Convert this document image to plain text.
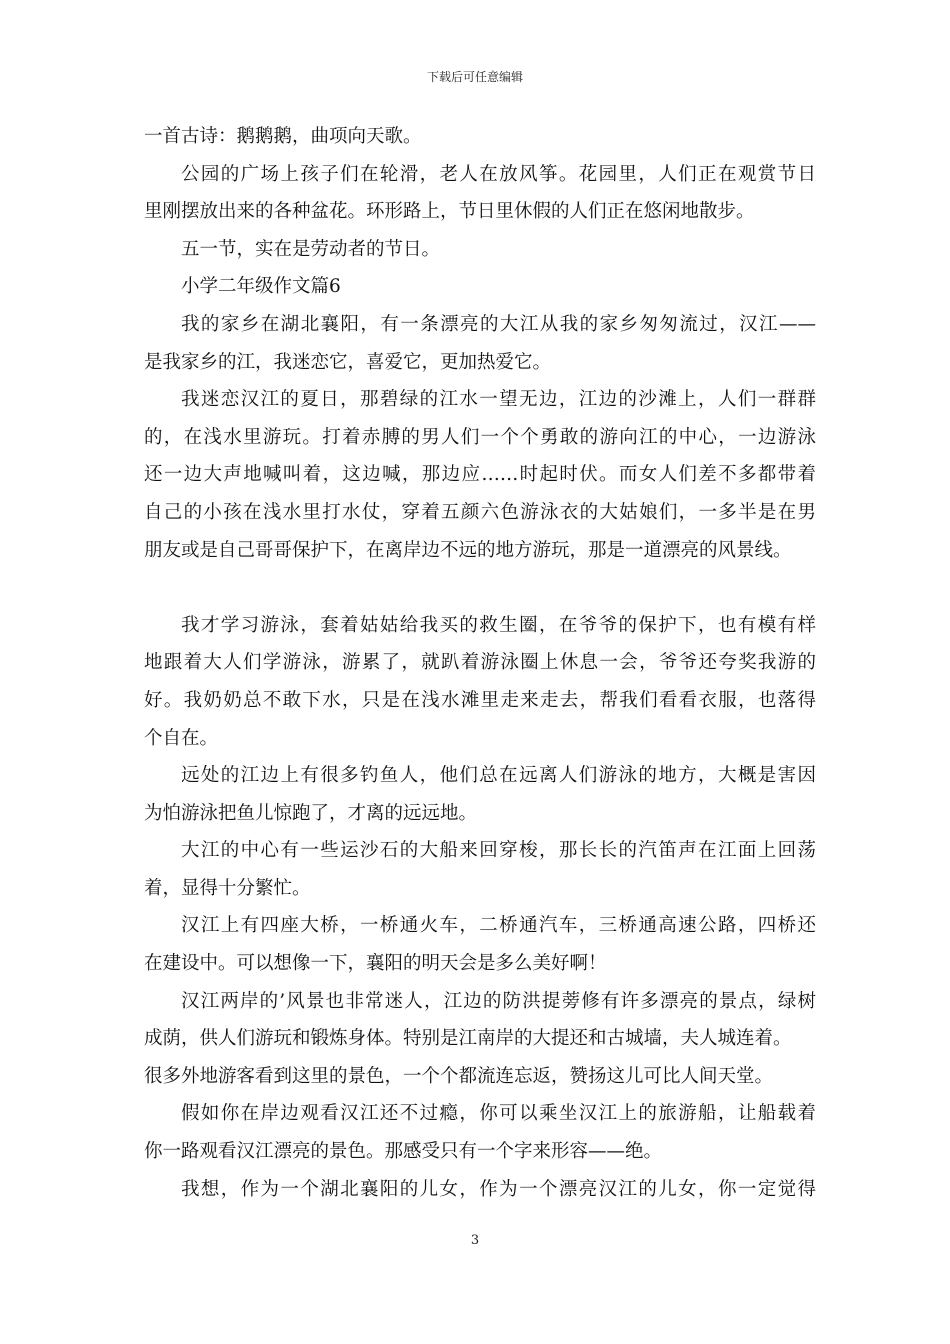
下载后可任意编辑
一首古诗：鹅鹅鹅，曲项向天歌。
公园的广场上孩子们在轮滑，老人在放风筝。花园里，人们正在观赏节日
里刚摆放出来的各种盆花。环形路上，节日里休假的人们正在悠闲地散步。
五一节，实在是劳动者的节日。
小学二年级作文篇6
我的家乡在湖北襄阳，有一条漂亮的大江从我的家乡匆匆流过，汉江——
是我家乡的江，我迷恋它，喜爱它，更加热爱它。
我迷恋汉江的夏日，那碧绿的江水一望无边，江边的沙滩上，人们一群群
的，在浅水里游玩。打着赤膊的男人们一个个勇敢的游向江的中心，一边游泳
还一边大声地喊叫着，这边喊，那边应……时起时伏。而女人们差不多都带着
自己的小孩在浅水里打水仗，穿着五颜六色游泳衣的大姑娘们，一多半是在男
朋友或是自己哥哥保护下，在离岸边不远的地方游玩，那是一道漂亮的风景线。
我才学习游泳，套着姑姑给我买的救生圈，在爷爷的保护下，也有模有样
地跟着大人们学游泳，游累了，就趴着游泳圈上休息一会，爷爷还夸奖我游的
好。我奶奶总不敢下水，只是在浅水滩里走来走去，帮我们看看衣服，也落得
个自在。
远处的江边上有很多钓鱼人，他们总在远离人们游泳的地方，大概是害因
为怕游泳把鱼儿惊跑了，才离的远远地。
大江的中心有一些运沙石的大船来回穿梭，那长长的汽笛声在江面上回荡
着，显得十分繁忙。
汉江上有四座大桥，一桥通火车，二桥通汽车，三桥通高速公路，四桥还
在建设中。可以想像一下，襄阳的明天会是多么美好啊！
汉江两岸的’风景也非常迷人，江边的防洪提蒡修有许多漂亮的景点，绿树
成荫，供人们游玩和锻炼身体。特别是江南岸的大提还和古城墙，夫人城连着。
很多外地游客看到这里的景色，一个个都流连忘返，赞扬这儿可比人间天堂。
假如你在岸边观看汉江还不过瘾，你可以乘坐汉江上的旅游船，让船载着
你一路观看汉江漂亮的景色。那感受只有一个字来形容——绝。
我想，作为一个湖北襄阳的儿女，作为一个漂亮汉江的儿女，你一定觉得
3
